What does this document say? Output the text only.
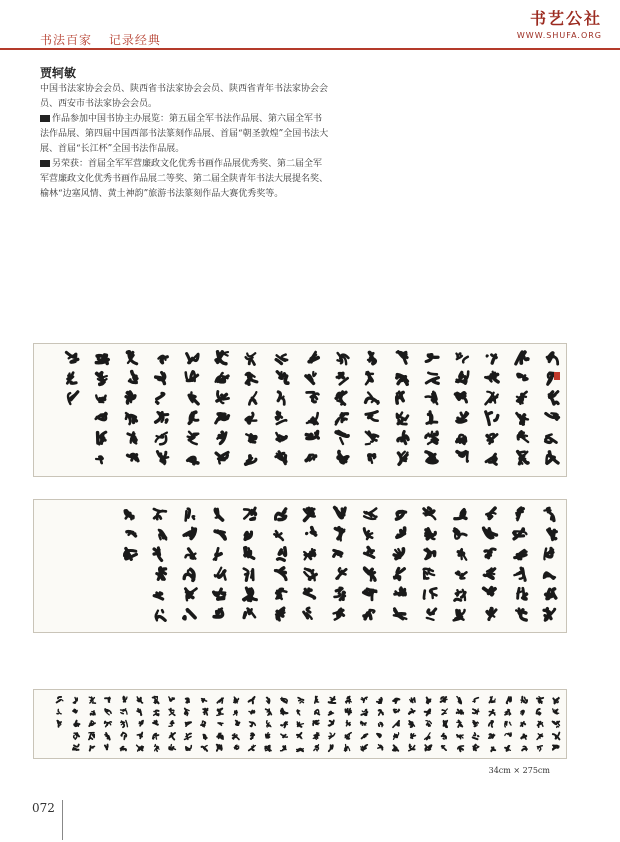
书法百家 记录经典
书艺公社
WWW.SHUFA.ORG
贾轲敏

中国书法家协会会员、陕西省书法家协会会员、陕西省青年书法家协会会员、西安市书法家协会会员。

作品参加中国书协主办展览：第五届全军书法作品展、第六届全军书法作品展、第四届中国西部书法篆刻作品展、首届“朝圣敦煌”全国书法大展、首届“长江杯”全国书法作品展。

另荣获：首届全军军营廉政文化优秀书画作品展优秀奖、第二届全军军营廉政文化优秀书画作品展二等奖、第二届全陕青年书法大展提名奖、榆林“边塞风情、黄土神韵”旅游书法篆刻作品大赛优秀奖等。

34cm × 275cm
072
